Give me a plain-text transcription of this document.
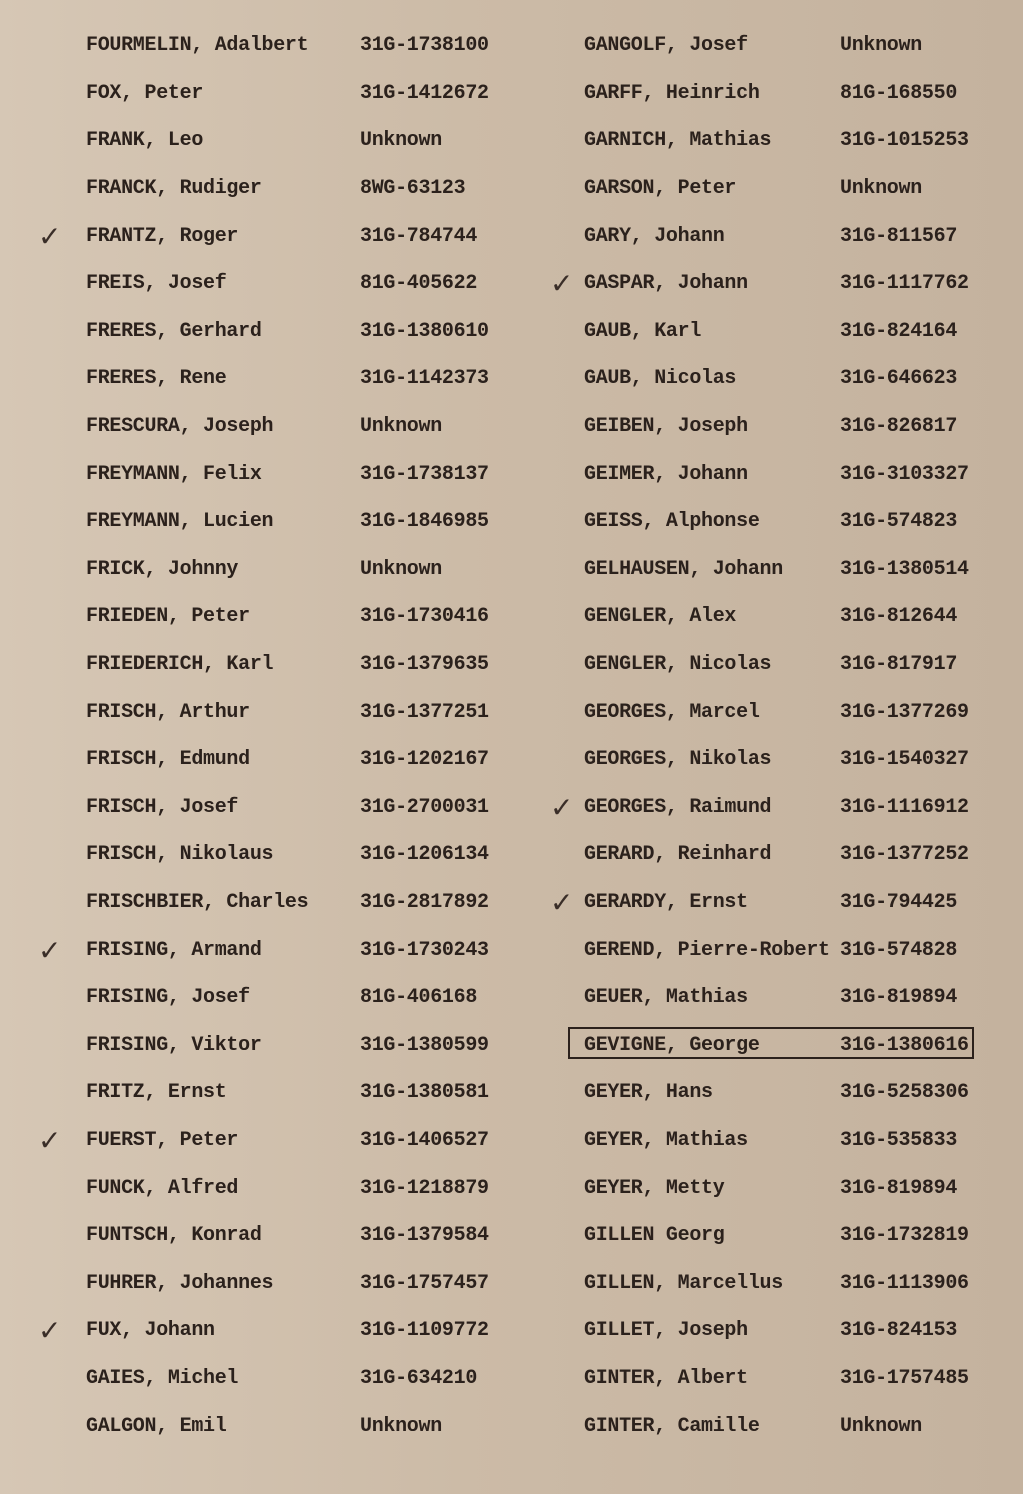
FOURMELIN, Adalbert	31G-1738100
FOX, Peter	31G-1412672
FRANK, Leo	Unknown
FRANCK, Rudiger	8WG-63123
✓ FRANTZ, Roger	31G-784744
FREIS, Josef	81G-405622
FRERES, Gerhard	31G-1380610
FRERES, Rene	31G-1142373
FRESCURA, Joseph	Unknown
FREYMANN, Felix	31G-1738137
FREYMANN, Lucien	31G-1846985
FRICK, Johnny	Unknown
FRIEDEN, Peter	31G-1730416
FRIEDERICH, Karl	31G-1379635
FRISCH, Arthur	31G-1377251
FRISCH, Edmund	31G-1202167
FRISCH, Josef	31G-2700031
FRISCH, Nikolaus	31G-1206134
FRISCHBIER, Charles	31G-2817892
✓ FRISING, Armand	31G-1730243
FRISING, Josef	81G-406168
FRISING, Viktor	31G-1380599
FRITZ, Ernst	31G-1380581
✓ FUERST, Peter	31G-1406527
FUNCK, Alfred	31G-1218879
FUNTSCH, Konrad	31G-1379584
FUHRER, Johannes	31G-1757457
✓ FUX, Johann	31G-1109772
GAIES, Michel	31G-634210
GALGON, Emil	Unknown
GANGOLF, Josef	Unknown
GARFF, Heinrich	81G-168550
GARNICH, Mathias	31G-1015253
GARSON, Peter	Unknown
GARY, Johann	31G-811567
✓ GASPAR, Johann	31G-1117762
GAUB, Karl	31G-824164
GAUB, Nicolas	31G-646623
GEIBEN, Joseph	31G-826817
GEIMER, Johann	31G-3103327
GEISS, Alphonse	31G-574823
GELHAUSEN, Johann	31G-1380514
GENGLER, Alex	31G-812644
GENGLER, Nicolas	31G-817917
GEORGES, Marcel	31G-1377269
GEORGES, Nikolas	31G-1540327
✓ GEORGES, Raimund	31G-1116912
GERARD, Reinhard	31G-1377252
✓ GERARDY, Ernst	31G-794425
GEREND, Pierre-Robert 31G-574828
GEUER, Mathias	31G-819894
GEVIGNE, George	31G-1380616
GEYER, Hans	31G-5258306
GEYER, Mathias	31G-535833
GEYER, Metty	31G-819894
GILLEN Georg	31G-1732819
GILLEN, Marcellus	31G-1113906
GILLET, Joseph	31G-824153
GINTER, Albert	31G-1757485
GINTER, Camille	Unknown
